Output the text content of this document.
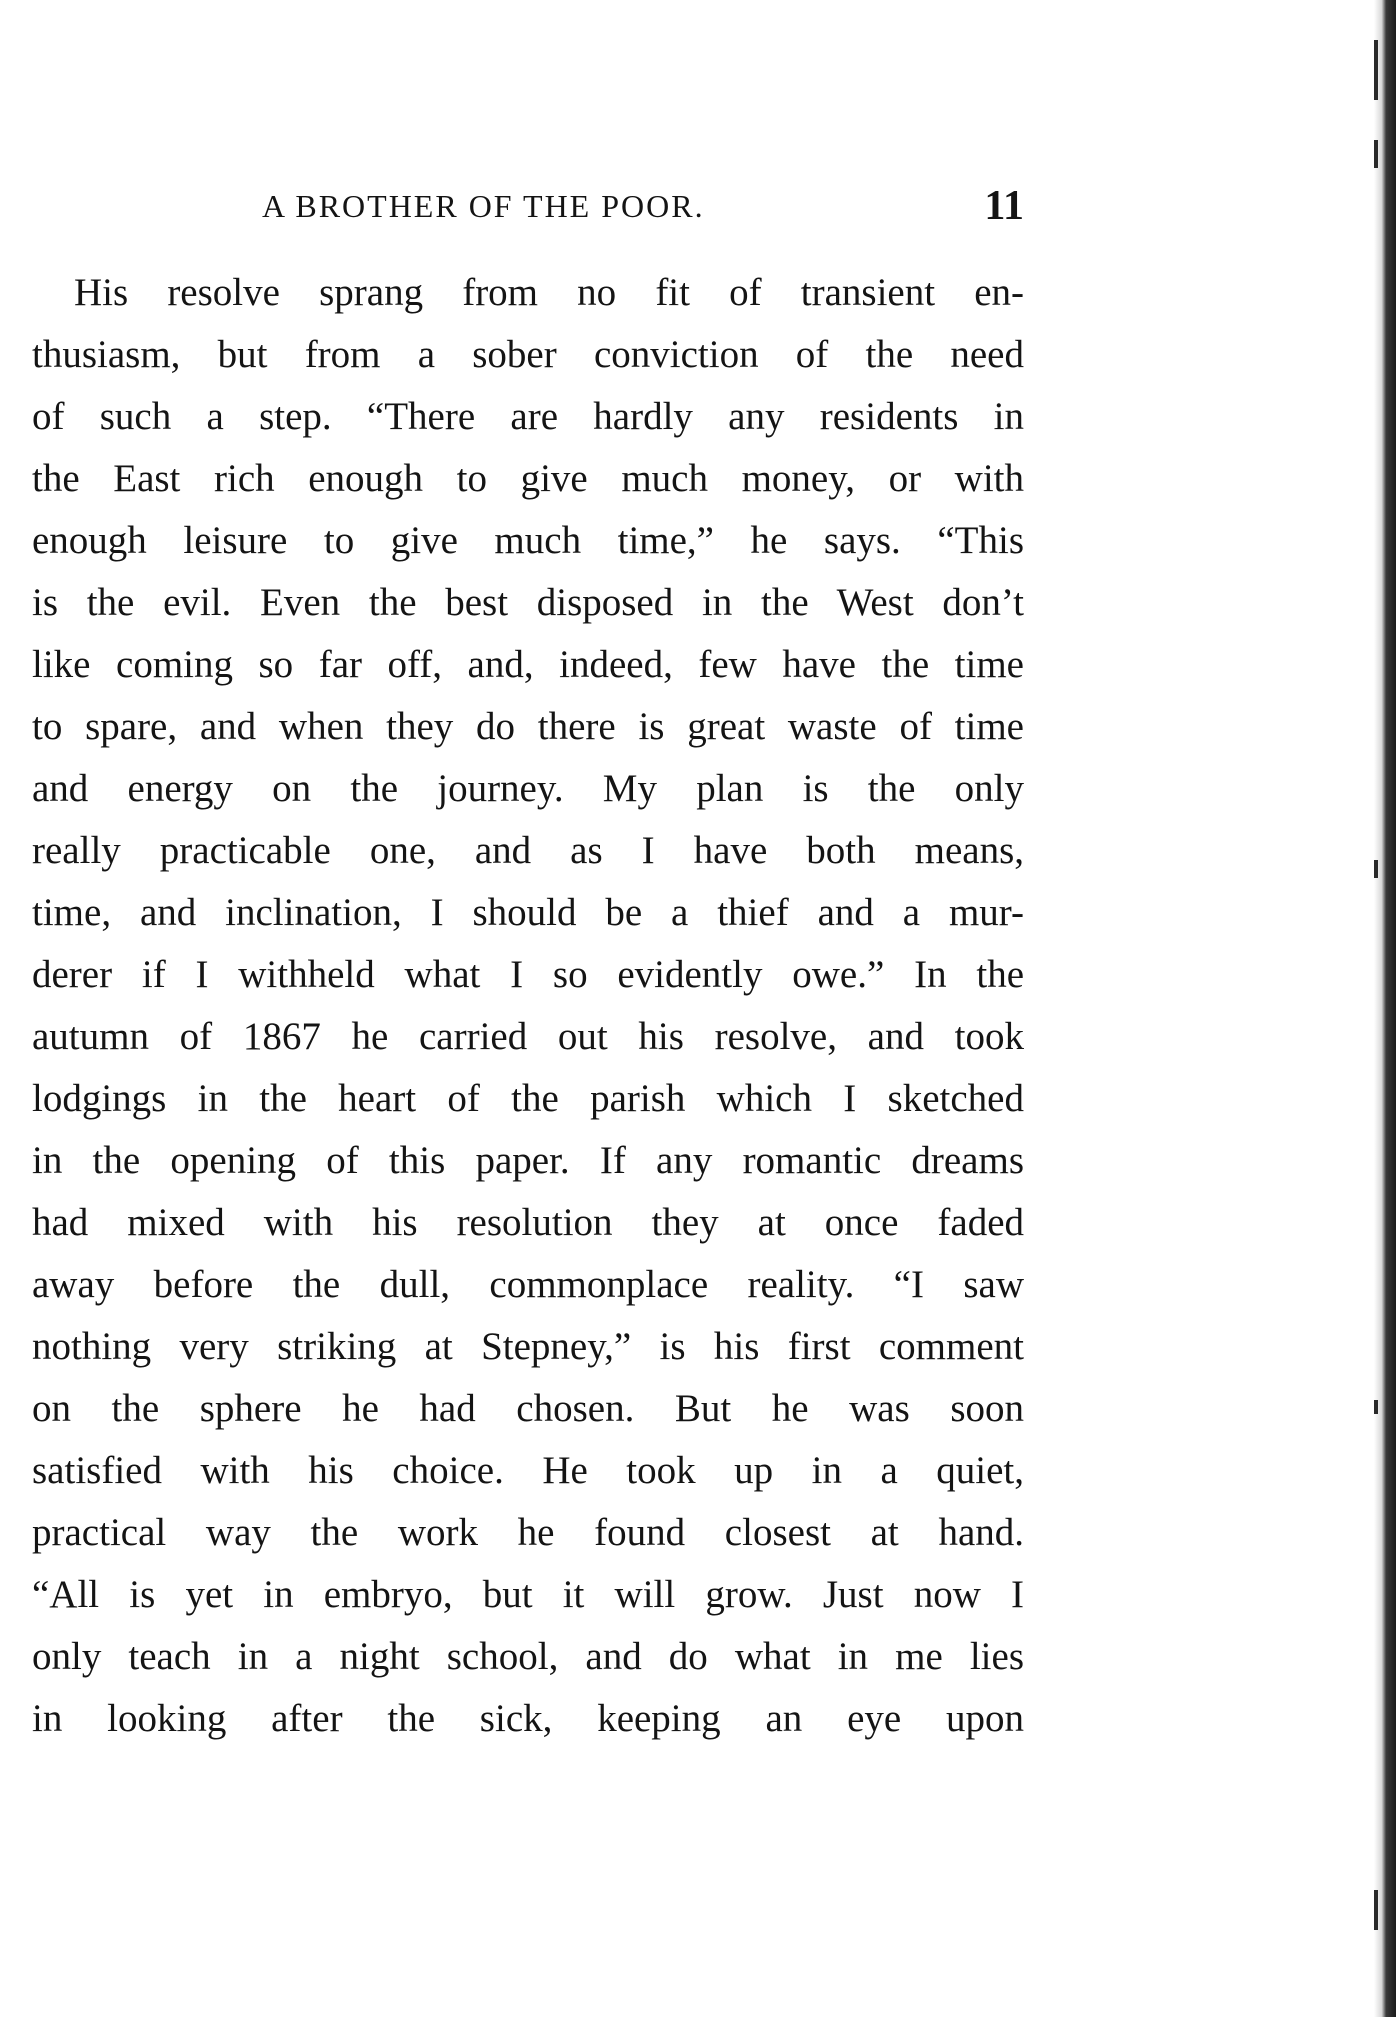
A BROTHER OF THE POOR.	11
His resolve sprang from no fit of transient en-
thusiasm, but from a sober conviction of the need
of such a step. “There are hardly any residents in
the East rich enough to give much money, or with
enough leisure to give much time,” he says. “This
is the evil. Even the best disposed in the West don’t
like coming so far off, and, indeed, few have the time
to spare, and when they do there is great waste of time
and energy on the journey. My plan is the only
really practicable one, and as I have both means,
time, and inclination, I should be a thief and a mur-
derer if I withheld what I so evidently owe.” In the
autumn of 1867 he carried out his resolve, and took
lodgings in the heart of the parish which I sketched
in the opening of this paper. If any romantic dreams
had mixed with his resolution they at once faded
away before the dull, commonplace reality. “I saw
nothing very striking at Stepney,” is his first comment
on the sphere he had chosen. But he was soon
satisfied with his choice. He took up in a quiet,
practical way the work he found closest at hand.
“All is yet in embryo, but it will grow. Just now I
only teach in a night school, and do what in me lies
in looking after the sick, keeping an eye upon
